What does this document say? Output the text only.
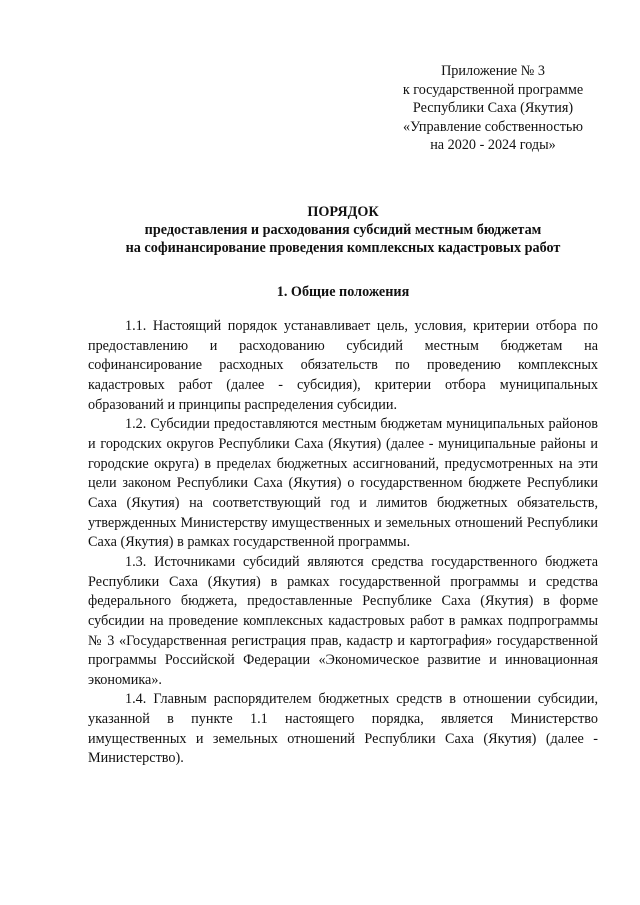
Приложение № 3
к государственной программе
Республики Саха (Якутия)
«Управление собственностью
на 2020 - 2024 годы»
ПОРЯДОК
предоставления и расходования субсидий местным бюджетам
на софинансирование проведения комплексных кадастровых работ
1. Общие положения

1.1. Настоящий порядок устанавливает цель, условия, критерии отбора по предоставлению и расходованию субсидий местным бюджетам на софинансирование расходных обязательств по проведению комплексных кадастровых работ (далее - субсидия), критерии отбора муниципальных образований и принципы распределения субсидии.

1.2. Субсидии предоставляются местным бюджетам муниципальных районов и городских округов Республики Саха (Якутия) (далее - муниципальные районы и городские округа) в пределах бюджетных ассигнований, предусмотренных на эти цели законом Республики Саха (Якутия) о государственном бюджете Республики Саха (Якутия) на соответствующий год и лимитов бюджетных обязательств, утвержденных Министерству имущественных и земельных отношений Республики Саха (Якутия) в рамках государственной программы.

1.3. Источниками субсидий являются средства государственного бюджета Республики Саха (Якутия) в рамках государственной программы и средства федерального бюджета, предоставленные Республике Саха (Якутия) в форме субсидии на проведение комплексных кадастровых работ в рамках подпрограммы № 3 «Государственная регистрация прав, кадастр и картография» государственной программы Российской Федерации «Экономическое развитие и инновационная экономика».

1.4. Главным распорядителем бюджетных средств в отношении субсидии, указанной в пункте 1.1 настоящего порядка, является Министерство имущественных и земельных отношений Республики Саха (Якутия) (далее - Министерство).
